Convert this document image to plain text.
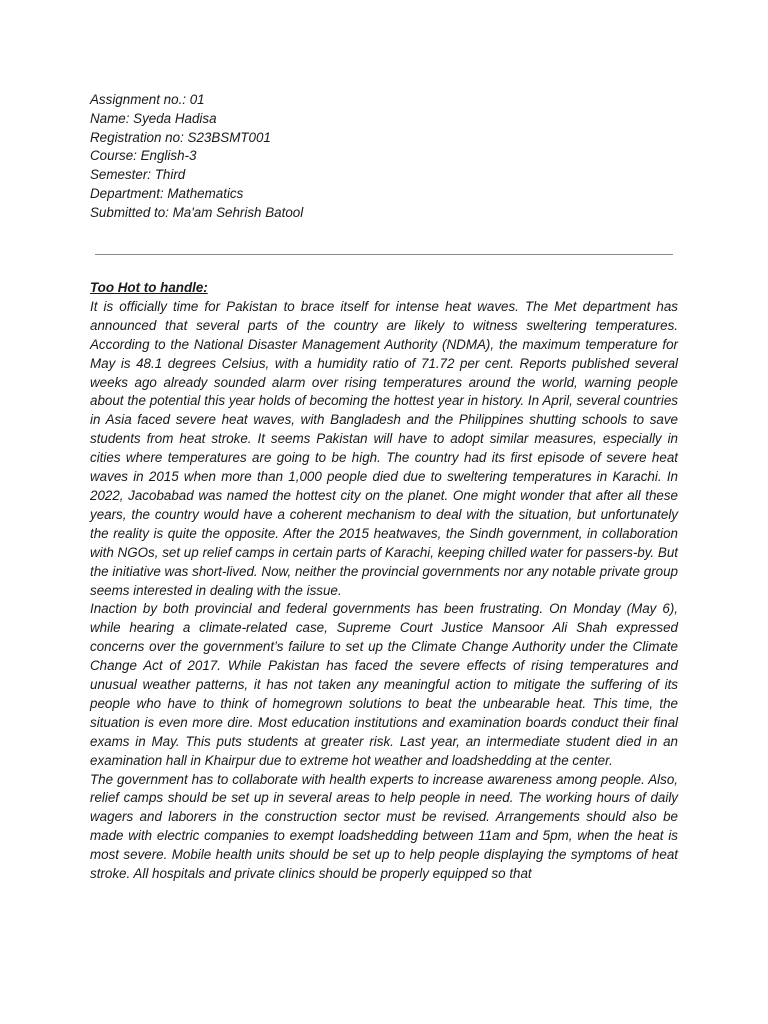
Assignment no.: 01
Name: Syeda Hadisa
Registration no: S23BSMT001
Course: English-3
Semester: Third
Department: Mathematics
Submitted to: Ma'am Sehrish Batool
Too Hot to handle:

It is officially time for Pakistan to brace itself for intense heat waves. The Met department has announced that several parts of the country are likely to witness sweltering temperatures. According to the National Disaster Management Authority (NDMA), the maximum temperature for May is 48.1 degrees Celsius, with a humidity ratio of 71.72 per cent. Reports published several weeks ago already sounded alarm over rising temperatures around the world, warning people about the potential this year holds of becoming the hottest year in history. In April, several countries in Asia faced severe heat waves, with Bangladesh and the Philippines shutting schools to save students from heat stroke. It seems Pakistan will have to adopt similar measures, especially in cities where temperatures are going to be high. The country had its first episode of severe heat waves in 2015 when more than 1,000 people died due to sweltering temperatures in Karachi. In 2022, Jacobabad was named the hottest city on the planet. One might wonder that after all these years, the country would have a coherent mechanism to deal with the situation, but unfortunately the reality is quite the opposite. After the 2015 heatwaves, the Sindh government, in collaboration with NGOs, set up relief camps in certain parts of Karachi, keeping chilled water for passers-by. But the initiative was short-lived. Now, neither the provincial governments nor any notable private group seems interested in dealing with the issue.

Inaction by both provincial and federal governments has been frustrating. On Monday (May 6), while hearing a climate-related case, Supreme Court Justice Mansoor Ali Shah expressed concerns over the government’s failure to set up the Climate Change Authority under the Climate Change Act of 2017. While Pakistan has faced the severe effects of rising temperatures and unusual weather patterns, it has not taken any meaningful action to mitigate the suffering of its people who have to think of homegrown solutions to beat the unbearable heat. This time, the situation is even more dire. Most education institutions and examination boards conduct their final exams in May. This puts students at greater risk. Last year, an intermediate student died in an examination hall in Khairpur due to extreme hot weather and loadshedding at the center.

The government has to collaborate with health experts to increase awareness among people. Also, relief camps should be set up in several areas to help people in need. The working hours of daily wagers and laborers in the construction sector must be revised. Arrangements should also be made with electric companies to exempt loadshedding between 11am and 5pm, when the heat is most severe. Mobile health units should be set up to help people displaying the symptoms of heat stroke. All hospitals and private clinics should be properly equipped so that
